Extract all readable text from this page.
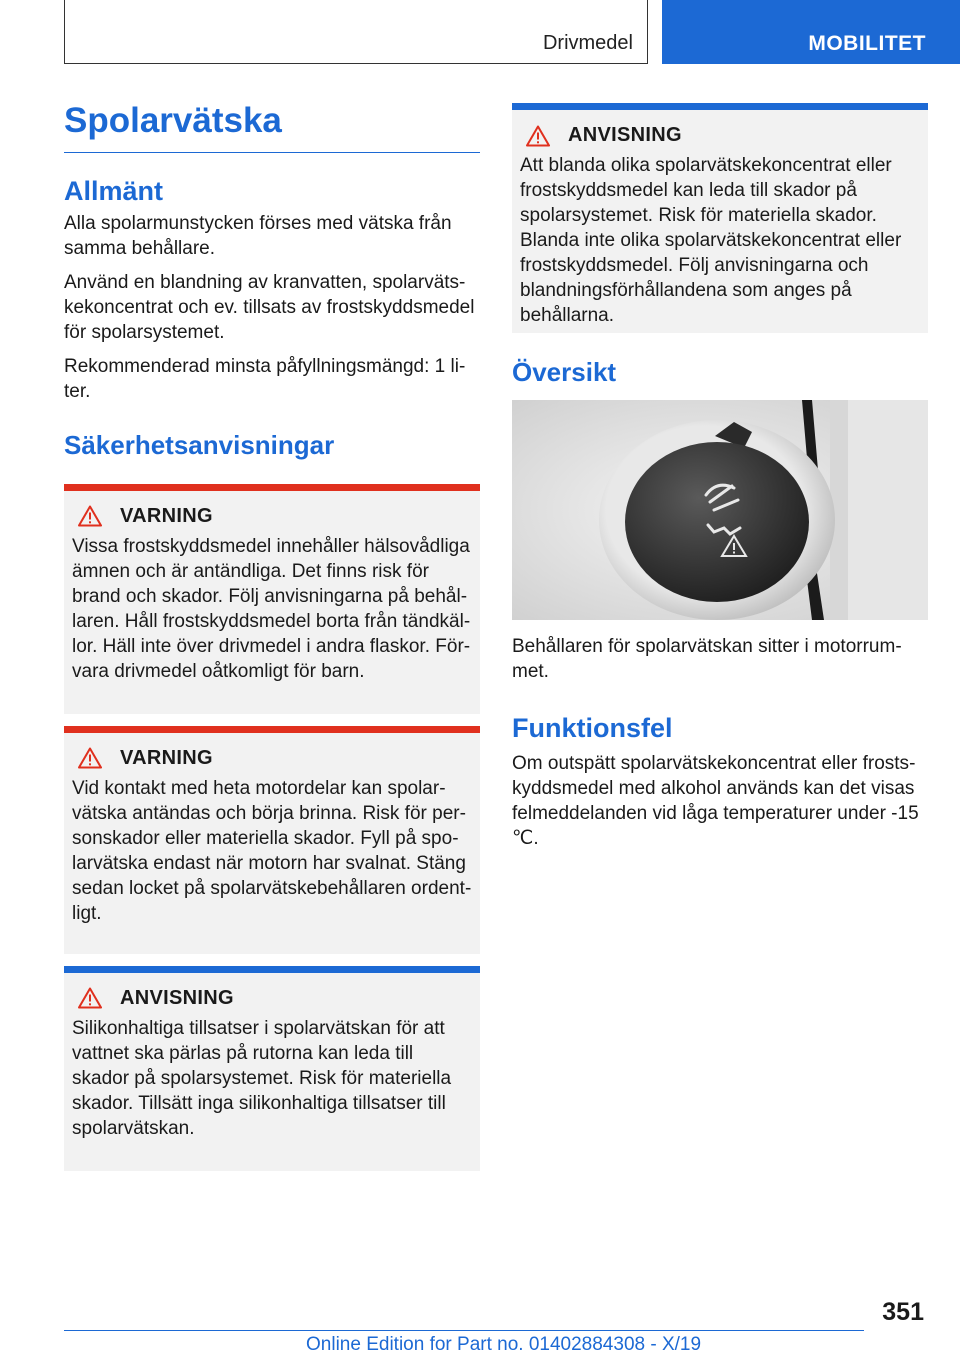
Drivmedel	MOBILITET
Spolarvätska
Allmänt

Alla spolarmunstycken förses med vätska från samma behållare.

Använd en blandning av kranvatten, spolarvätskekoncentrat och ev. tillsats av frostskyddsmedel för spolarsystemet.

Rekommenderad minsta påfyllningsmängd: 1 liter.

Säkerhetsanvisningar
VARNING

Vissa frostskyddsmedel innehåller hälsovådliga ämnen och är antändliga. Det finns risk för brand och skador. Följ anvisningarna på behållaren. Håll frostskyddsmedel borta från tändkällor. Häll inte över drivmedel i andra flaskor. Förvara drivmedel oåtkomligt för barn.

VARNING

Vid kontakt med heta motordelar kan spolarvätska antändas och börja brinna. Risk för personskador eller materiella skador. Fyll på spolarvätska endast när motorn har svalnat. Stäng sedan locket på spolarvätskebehållaren ordentligt.

ANVISNING

Silikonhaltiga tillsatser i spolarvätskan för att vattnet ska pärlas på rutorna kan leda till skador på spolarsystemet. Risk för materiella skador. Tillsätt inga silikonhaltiga tillsatser till spolarvätskan.

ANVISNING

Att blanda olika spolarvätskekoncentrat eller frostskyddsmedel kan leda till skador på spolarsystemet. Risk för materiella skador. Blanda inte olika spolarvätskekoncentrat eller frostskyddsmedel. Följ anvisningarna och blandningsförhållandena som anges på behållarna.

Översikt

Behållaren för spolarvätskan sitter i motorrummet.

Funktionsfel

Om outspätt spolarvätskekoncentrat eller frostskyddsmedel med alkohol används kan det visas felmeddelanden vid låga temperaturer under -15 ℃.

351
Online Edition for Part no. 01402884308 - X/19
